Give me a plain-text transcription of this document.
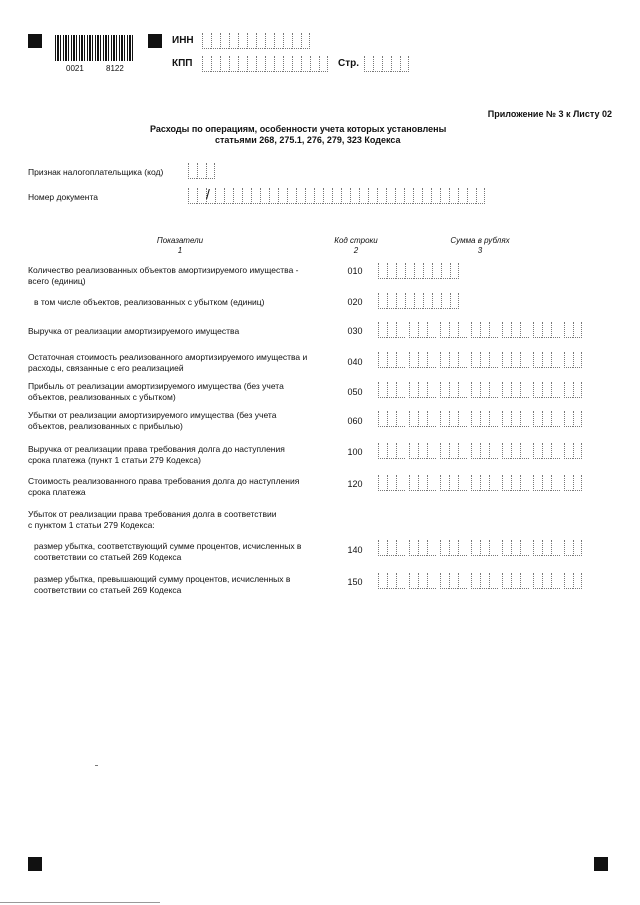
0021	8122
ИНН
КПП	Стр.
Приложение № 3 к Листу 02
Расходы по операциям, особенности учета которых установлены
статьями 268, 275.1, 276, 279, 323 Кодекса
Признак налогоплательщика (код)
Номер документа	/
Показатели
1
Код строки
2
Сумма в рублях
3
Количество реализованных объектов амортизируемого имущества -
всего (единиц)
010
в том числе объектов, реализованных с убытком (единиц)	020
Выручка от реализации амортизируемого имущества	030
Остаточная стоимость реализованного амортизируемого имущества и
расходы, связанные с его реализацией
040
Прибыль от реализации амортизируемого имущества (без учета
объектов, реализованных с убытком)	050
Убытки от реализации амортизируемого имущества (без учета
объектов, реализованных с прибылью)	060
Выручка от реализации права требования долга до наступления
срока платежа (пункт 1 статьи 279 Кодекса)
100
Стоимость реализованного права требования долга до наступления
срока платежа
120
Убыток от реализации права требования долга в соответствии
с пунктом 1 статьи 279 Кодекса:
размер убытка, соответствующий сумме процентов, исчисленных в
соответствии со статьей 269 Кодекса
140
размер убытка, превышающий сумму процентов, исчисленных в
соответствии со статьей 269 Кодекса
150
